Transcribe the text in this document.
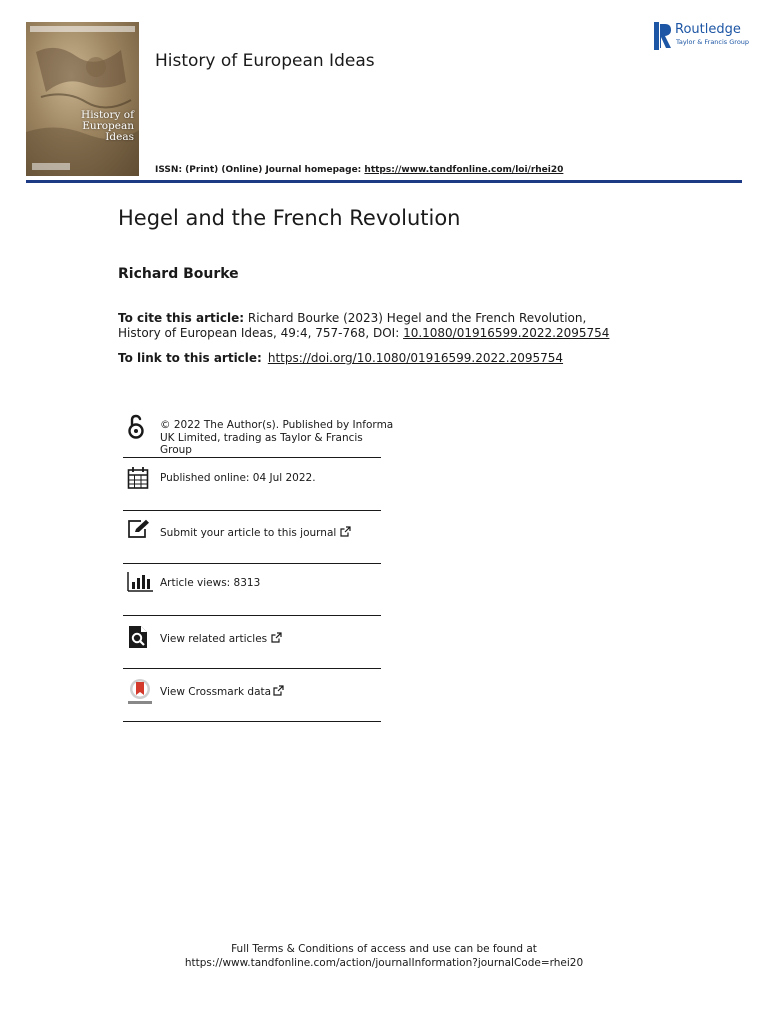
History of
European
Ideas
History of European Ideas
ISSN: (Print) (Online) Journal homepage: https://www.tandfonline.com/loi/rhei20
Routledge
Taylor & Francis Group
Hegel and the French Revolution
Richard Bourke
To cite this article: Richard Bourke (2023) Hegel and the French Revolution, History of European Ideas, 49:4, 757-768, DOI: 10.1080/01916599.2022.2095754
To link to this article: https://doi.org/10.1080/01916599.2022.2095754
© 2022 The Author(s). Published by Informa
UK Limited, trading as Taylor & Francis
Group
Published online: 04 Jul 2022.
Submit your article to this journal
Article views: 8313
View related articles
View Crossmark data
Full Terms & Conditions of access and use can be found at
https://www.tandfonline.com/action/journalInformation?journalCode=rhei20
